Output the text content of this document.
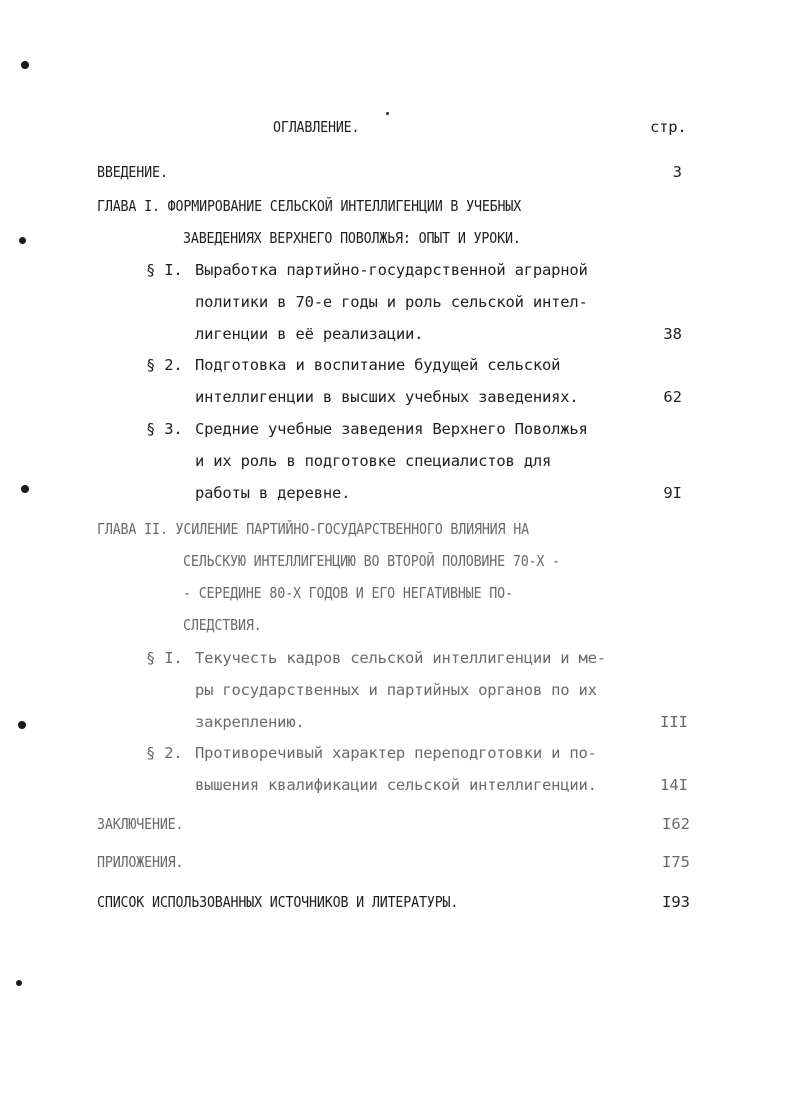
ОГЛАВЛЕНИЕ.	стр.
ВВЕДЕНИЕ.	3
ГЛАВА I. ФОРМИРОВАНИЕ СЕЛЬСКОЙ ИНТЕЛЛИГЕНЦИИ В УЧЕБНЫХ
ЗАВЕДЕНИЯХ ВЕРХНЕГО ПОВОЛЖЬЯ: ОПЫТ И УРОКИ.
§ I. Выработка партийно-государственной аграрной
политики в 70-е годы и роль сельской интел-
лигенции в её реализации.	38
§ 2. Подготовка и воспитание будущей сельской
интеллигенции в высших учебных заведениях.	62
§ 3. Средние учебные заведения Верхнего Поволжья
и их роль в подготовке специалистов для
работы в деревне.	9I
ГЛАВА II. УСИЛЕНИЕ ПАРТИЙНО-ГОСУДАРСТВЕННОГО ВЛИЯНИЯ НА
СЕЛЬСКУЮ ИНТЕЛЛИГЕНЦИЮ ВО ВТОРОЙ ПОЛОВИНЕ 70-Х -
- СЕРЕДИНЕ 80-Х ГОДОВ И ЕГО НЕГАТИВНЫЕ ПО-
СЛЕДСТВИЯ.
§ I. Текучесть кадров сельской интеллигенции и ме-
ры государственных и партийных органов по их
закреплению.	III
§ 2. Противоречивый характер переподготовки и по-
вышения квалификации сельской интеллигенции.	14I
ЗАКЛЮЧЕНИЕ.	I62
ПРИЛОЖЕНИЯ.	I75
СПИСОК ИСПОЛЬЗОВАННЫХ ИСТОЧНИКОВ И ЛИТЕРАТУРЫ.	I93
